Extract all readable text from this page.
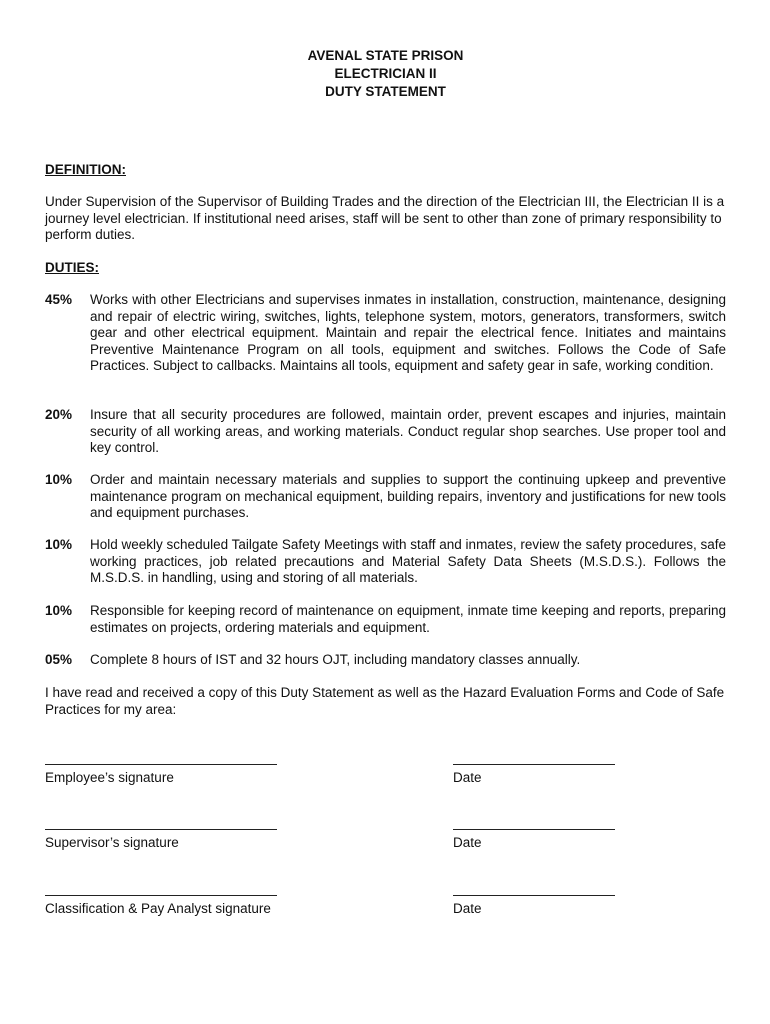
AVENAL STATE PRISON
ELECTRICIAN II
DUTY STATEMENT
DEFINITION:
Under Supervision of the Supervisor of Building Trades and the direction of the Electrician III, the Electrician II is a journey level electrician. If institutional need arises, staff will be sent to other than zone of primary responsibility to perform duties.
DUTIES:
45%	Works with other Electricians and supervises inmates in installation, construction, maintenance, designing and repair of electric wiring, switches, lights, telephone system, motors, generators, transformers, switch gear and other electrical equipment. Maintain and repair the electrical fence. Initiates and maintains Preventive Maintenance Program on all tools, equipment and switches. Follows the Code of Safe Practices. Subject to callbacks. Maintains all tools, equipment and safety gear in safe, working condition.
20%	Insure that all security procedures are followed, maintain order, prevent escapes and injuries, maintain security of all working areas, and working materials. Conduct regular shop searches. Use proper tool and key control.
10%	Order and maintain necessary materials and supplies to support the continuing upkeep and preventive maintenance program on mechanical equipment, building repairs, inventory and justifications for new tools and equipment purchases.
10%	Hold weekly scheduled Tailgate Safety Meetings with staff and inmates, review the safety procedures, safe working practices, job related precautions and Material Safety Data Sheets (M.S.D.S.). Follows the M.S.D.S. in handling, using and storing of all materials.
10%	Responsible for keeping record of maintenance on equipment, inmate time keeping and reports, preparing estimates on projects, ordering materials and equipment.
05%	Complete 8 hours of IST and 32 hours OJT, including mandatory classes annually.
I have read and received a copy of this Duty Statement as well as the Hazard Evaluation Forms and Code of Safe Practices for my area:
Employee’s signature	Date
Supervisor’s signature	Date
Classification & Pay Analyst signature	Date
